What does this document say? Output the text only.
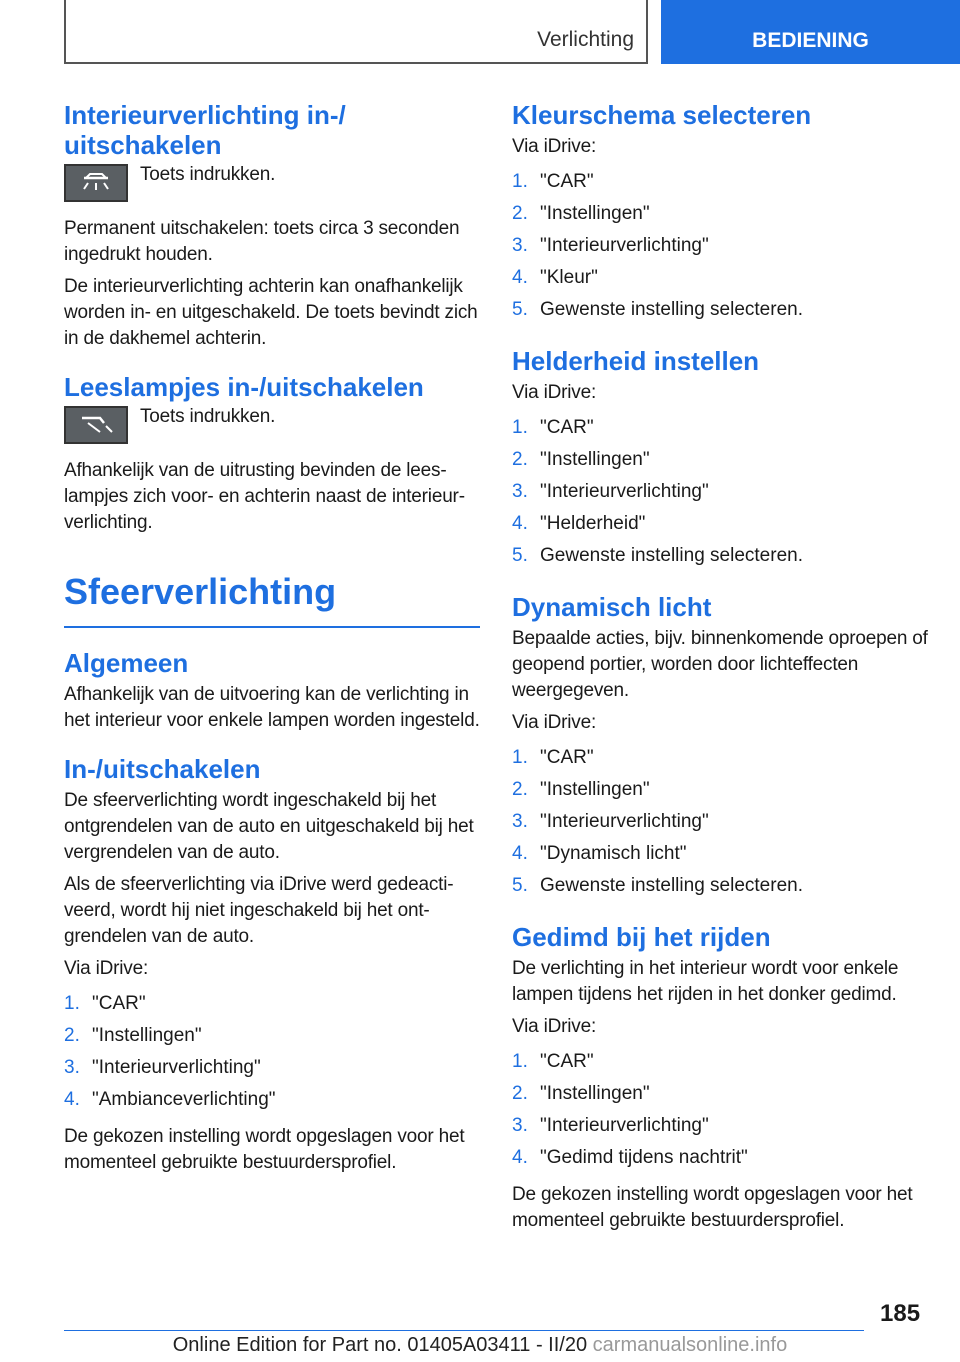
Verlichting	BEDIENING
Interieurverlichting in-/
uitschakelen

Toets indrukken.

Permanent uitschakelen: toets circa 3 seconden ingedrukt houden.

De interieurverlichting achterin kan onafhankelijk worden in- en uitgeschakeld. De toets bevindt zich in de dakhemel achterin.

Leeslampjes in-/uitschakelen

Toets indrukken.

Afhankelijk van de uitrusting bevinden de leeslampjes zich voor- en achterin naast de interieurverlichting.

Sfeerverlichting
Algemeen

Afhankelijk van de uitvoering kan de verlichting in het interieur voor enkele lampen worden ingesteld.

In-/uitschakelen

De sfeerverlichting wordt ingeschakeld bij het ontgrendelen van de auto en uitgeschakeld bij het vergrendelen van de auto.

Als de sfeerverlichting via iDrive werd gedeactiveerd, wordt hij niet ingeschakeld bij het ontgrendelen van de auto.

Via iDrive:

1. "CAR"
2. "Instellingen"
3. "Interieurverlichting"
4. "Ambianceverlichting"

De gekozen instelling wordt opgeslagen voor het momenteel gebruikte bestuurdersprofiel.

Kleurschema selecteren

Via iDrive:

1. "CAR"
2. "Instellingen"
3. "Interieurverlichting"
4. "Kleur"
5. Gewenste instelling selecteren.
Helderheid instellen

Via iDrive:

1. "CAR"
2. "Instellingen"
3. "Interieurverlichting"
4. "Helderheid"
5. Gewenste instelling selecteren.
Dynamisch licht

Bepaalde acties, bijv. binnenkomende oproepen of geopend portier, worden door lichteffecten weergegeven.

Via iDrive:

1. "CAR"
2. "Instellingen"
3. "Interieurverlichting"
4. "Dynamisch licht"
5. Gewenste instelling selecteren.
Gedimd bij het rijden

De verlichting in het interieur wordt voor enkele lampen tijdens het rijden in het donker gedimd.

Via iDrive:

1. "CAR"
2. "Instellingen"
3. "Interieurverlichting"
4. "Gedimd tijdens nachtrit"

De gekozen instelling wordt opgeslagen voor het momenteel gebruikte bestuurdersprofiel.

185
Online Edition for Part no. 01405A03411 - II/20 carmanualsonline.info
